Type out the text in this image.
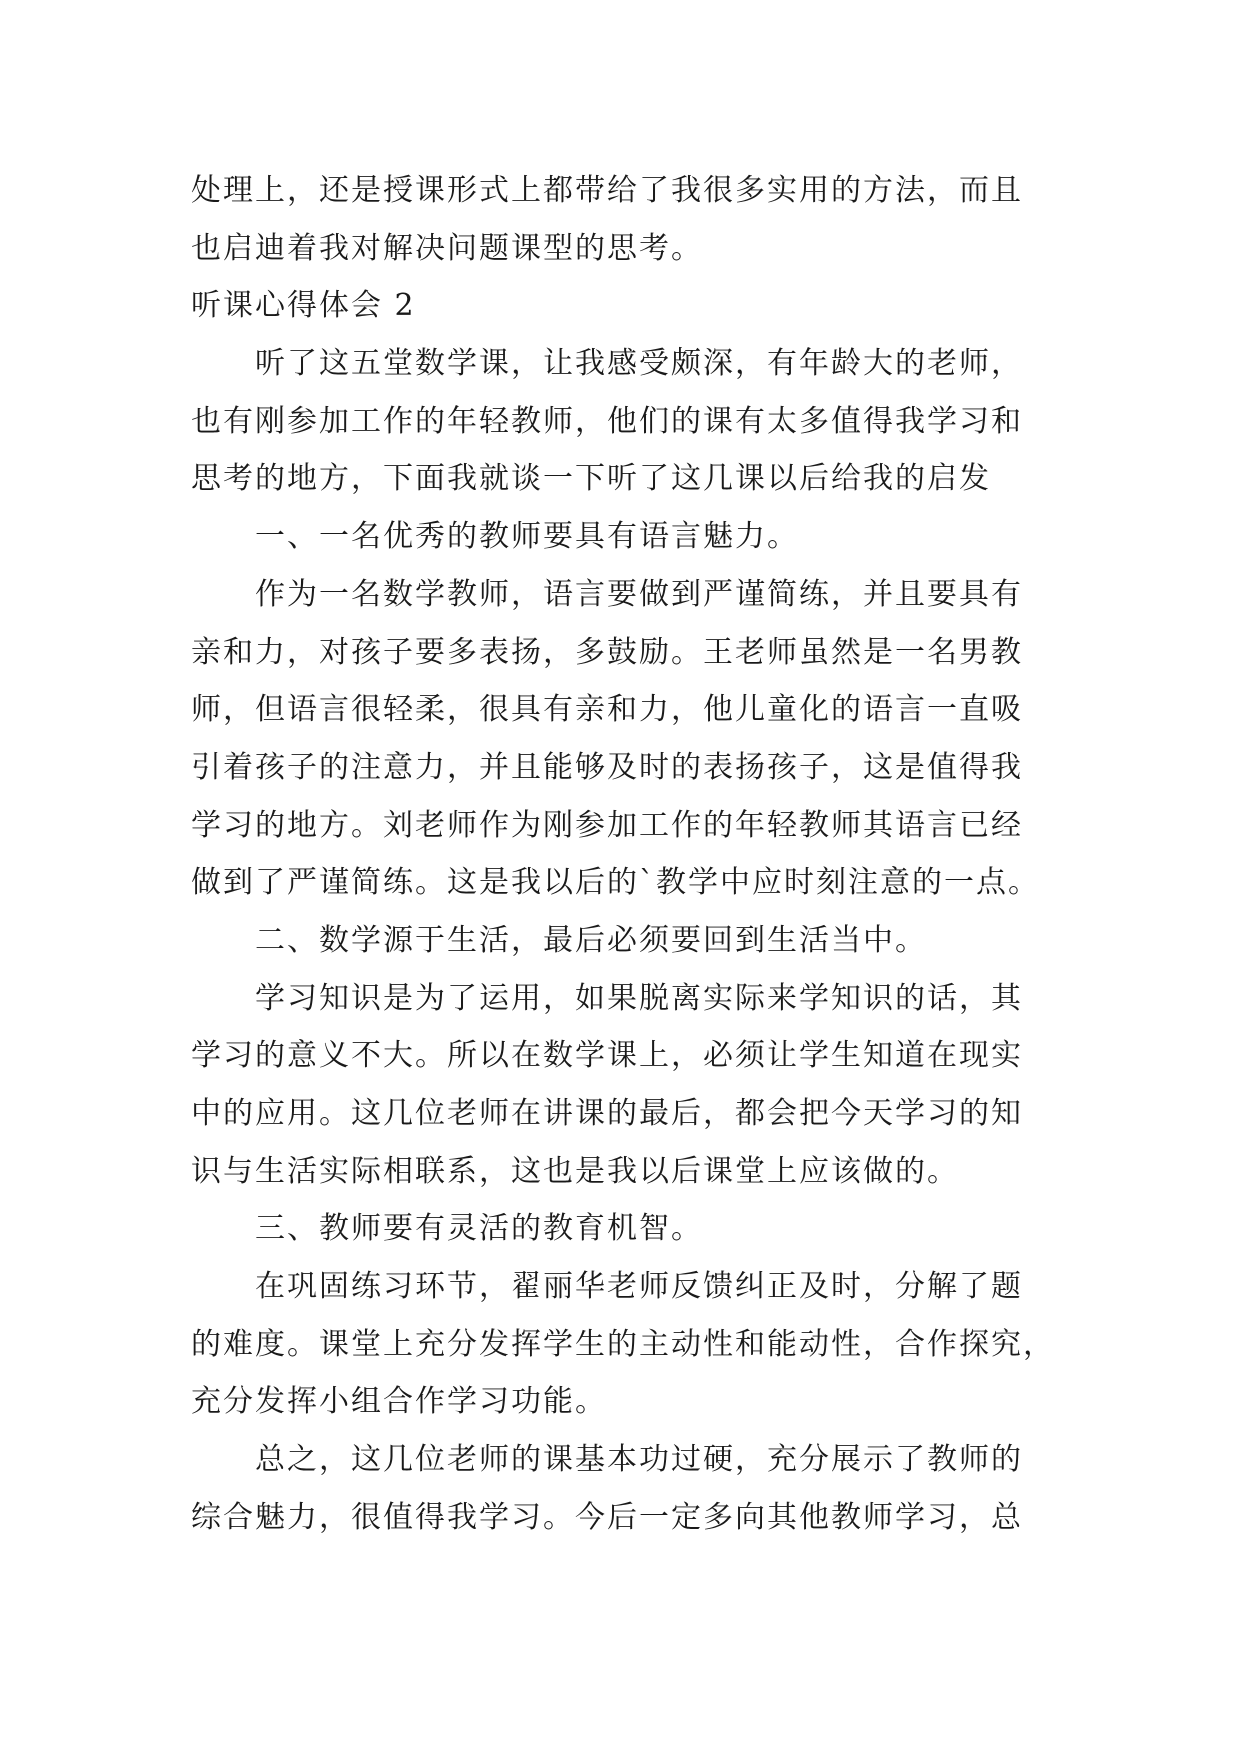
处理上，还是授课形式上都带给了我很多实用的方法，而且
也启迪着我对解决问题课型的思考。
听课心得体会 2
听了这五堂数学课，让我感受颇深，有年龄大的老师，
也有刚参加工作的年轻教师，他们的课有太多值得我学习和
思考的地方，下面我就谈一下听了这几课以后给我的启发
一、一名优秀的教师要具有语言魅力。
作为一名数学教师，语言要做到严谨简练，并且要具有
亲和力，对孩子要多表扬，多鼓励。王老师虽然是一名男教
师，但语言很轻柔，很具有亲和力，他儿童化的语言一直吸
引着孩子的注意力，并且能够及时的表扬孩子，这是值得我
学习的地方。刘老师作为刚参加工作的年轻教师其语言已经
做到了严谨简练。这是我以后的`教学中应时刻注意的一点。
二、数学源于生活，最后必须要回到生活当中。
学习知识是为了运用，如果脱离实际来学知识的话，其
学习的意义不大。所以在数学课上，必须让学生知道在现实
中的应用。这几位老师在讲课的最后，都会把今天学习的知
识与生活实际相联系，这也是我以后课堂上应该做的。
三、教师要有灵活的教育机智。
在巩固练习环节，翟丽华老师反馈纠正及时，分解了题
的难度。课堂上充分发挥学生的主动性和能动性，合作探究，
充分发挥小组合作学习功能。
总之，这几位老师的课基本功过硬，充分展示了教师的
综合魅力，很值得我学习。今后一定多向其他教师学习，总
